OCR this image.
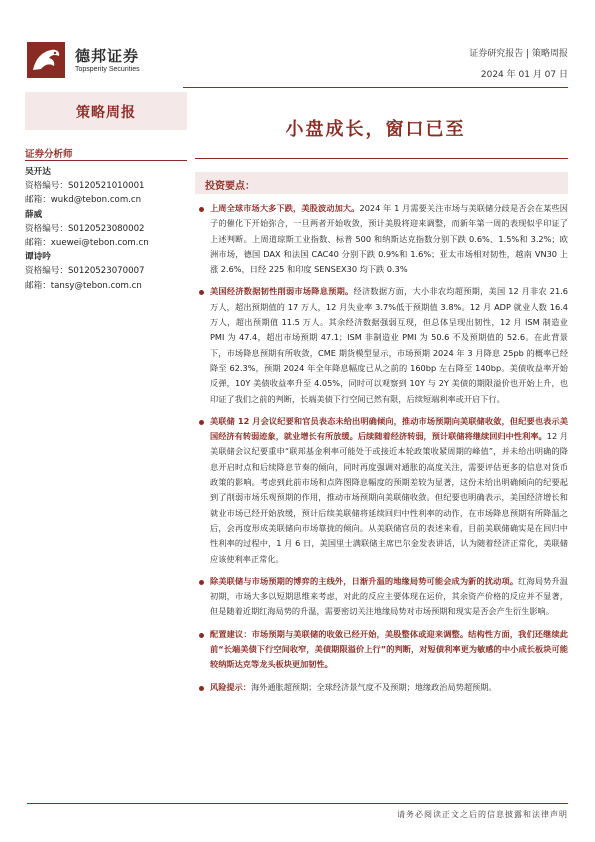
德邦证券
Topsperity Securities
证券研究报告 | 策略周报
2024 年 01 月 07 日
策略周报
小盘成长，窗口已至
证券分析师
吴开达
资格编号：S0120521010001
邮箱：wukd@tebon.com.cn
薛威
资格编号：S0120523080002
邮箱：xuewei@tebon.com.cn
谭诗吟
资格编号：S0120523070007
邮箱：tansy@tebon.com.cn
投资要点：
上周全球市场大多下跌，美股波动加大。2024 年 1 月需要关注市场与美联储分歧是否会在某些因子的催化下开始弥合，一旦两者开始收敛，预计美股将迎来调整，而新年第一周的表现似乎印证了上述判断。上周道琼斯工业指数、标普 500 和纳斯达克指数分别下跌 0.6%、1.5%和 3.2%；欧洲市场，德国 DAX 和法国 CAC40 分别下跌 0.9%和 1.6%；亚太市场相对韧性，越南 VN30 上涨 2.6%，日经 225 和印度 SENSEX30 均下跌 0.3%
美国经济数据韧性削弱市场降息预期。经济数据方面，大小非农均超预期，美国 12 月非农 21.6 万人，超出预期值的 17 万人，12 月失业率 3.7%低于预期值 3.8%。12 月 ADP 就业人数 16.4 万人，超出预期值 11.5 万人。其余经济数据强弱互现，但总体呈现出韧性，12 月 ISM 制造业 PMI 为 47.4，超出市场预期 47.1；ISM 非制造业 PMI 为 50.6 不及预期值的 52.6。在此背景下，市场降息预期有所收敛，CME 期货模型显示，市场预期 2024 年 3 月降息 25pb 的概率已经降至 62.3%，预期 2024 年全年降息幅度已从之前的 160bp 左右降至 140bp。美债收益率开始反弹，10Y 美债收益率升至 4.05%，同时可以观察到 10Y 与 2Y 美债的期限溢价也开始上升，也印证了我们之前的判断，长端美债下行空间已然有限，后续短端利率或开启下行。
美联储 12 月会议纪要和官员表态未给出明确倾向，推动市场预期向美联储收敛，但纪要也表示美国经济有转弱迹象，就业增长有所放缓。后续随着经济转弱，预计联储将继续回归中性利率。12 月美联储会议纪要重申“联邦基金利率可能处于或接近本轮政策收紧周期的峰值”，并未给出明确的降息开启时点和后续降息节奏的倾向，同时再度强调对通胀的高度关注，需要评估更多的信息对货币政策的影响。考虑到此前市场和点阵图降息幅度的预期差较为显著，这份未给出明确倾向的纪要起到了削弱市场乐观预期的作用，推动市场预期向美联储收敛。但纪要也明确表示，美国经济增长和就业市场已经开始放缓，预计后续美联储将延续回归中性利率的动作，在市场降息预期有所降温之后，会再度形成美联储向市场靠拢的倾向。从美联储官员的表述来看，目前美联储确实是在回归中性利率的过程中，1 月 6 日，美国里士满联储主席巴尔金发表讲话，认为随着经济正常化，美联储应该使利率正常化。
除美联储与市场预期的博弈的主线外，日渐升温的地缘局势可能会成为新的扰动项。红海局势升温初期，市场大多以短期思维来考虑，对此的反应主要体现在运价，其余资产价格的反应并不显著，但是随着近期红海局势的升温，需要密切关注地缘局势对市场预期和现实是否会产生衍生影响。
配置建议：市场预期与美联储的收敛已经开始，美股整体或迎来调整。结构性方面，我们还继续此前“长端美债下行空间收窄，美债期限溢价上行”的判断，对短债利率更为敏感的中小成长板块可能较纳斯达克等龙头板块更加韧性。
风险提示：海外通胀超预期；全球经济景气度不及预期；地缘政治局势超预期。
请务必阅读正文之后的信息披露和法律声明
